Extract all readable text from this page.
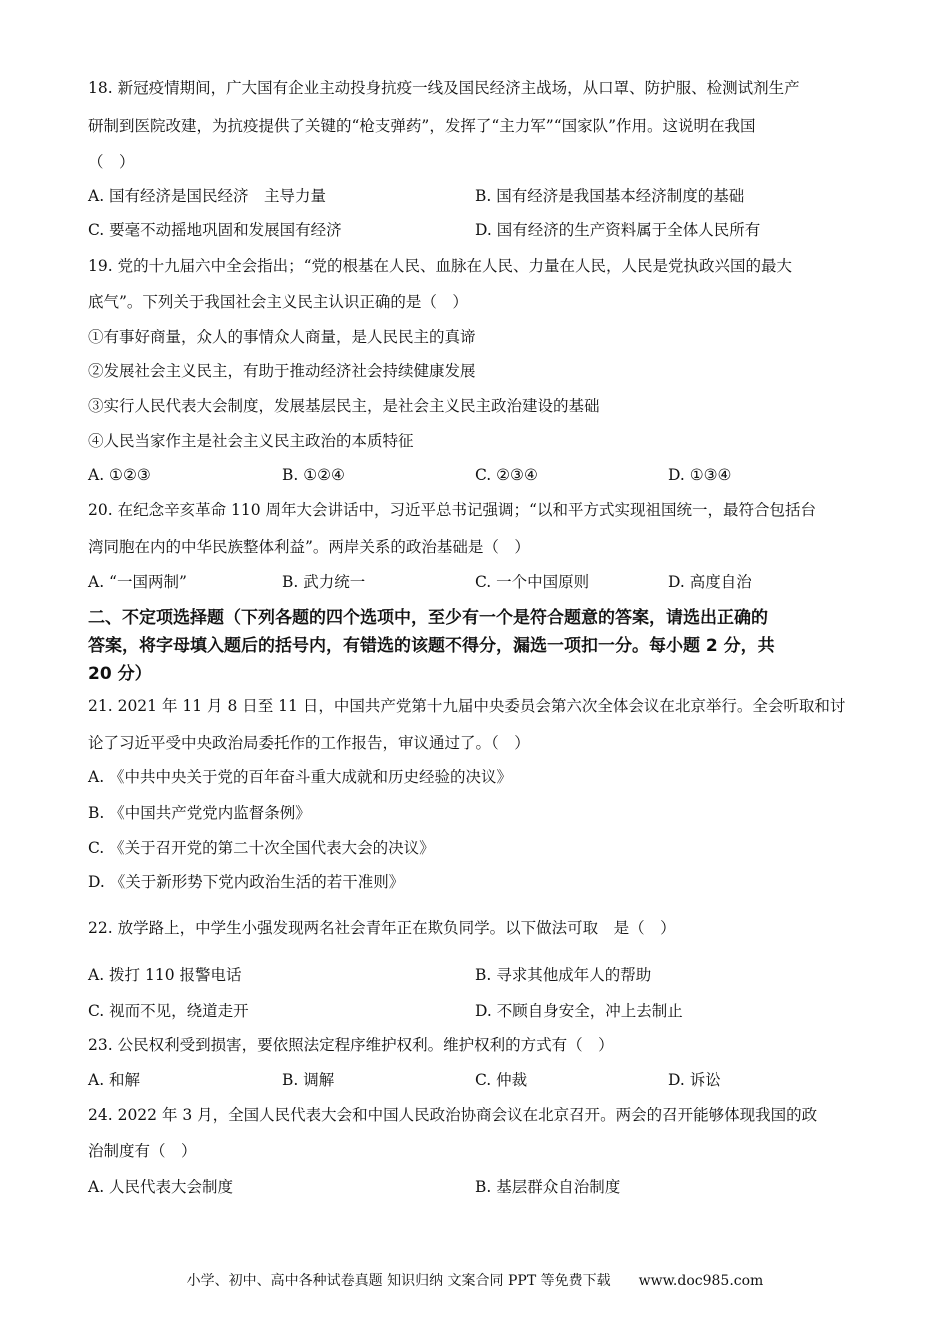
18. 新冠疫情期间，广大国有企业主动投身抗疫一线及国民经济主战场，从口罩、防护服、检测试剂生产
研制到医院改建，为抗疫提供了关键的“枪支弹药”，发挥了“主力军”“国家队”作用。这说明在我国
（　）
A. 国有经济是国民经济　主导力量	B. 国有经济是我国基本经济制度的基础
C. 要毫不动摇地巩固和发展国有经济	D. 国有经济的生产资料属于全体人民所有
19. 党的十九届六中全会指出；“党的根基在人民、血脉在人民、力量在人民，人民是党执政兴国的最大
底气”。下列关于我国社会主义民主认识正确的是（　）
①有事好商量，众人的事情众人商量，是人民民主的真谛
②发展社会主义民主，有助于推动经济社会持续健康发展
③实行人民代表大会制度，发展基层民主，是社会主义民主政治建设的基础
④人民当家作主是社会主义民主政治的本质特征
A. ①②③	B. ①②④	C. ②③④	D. ①③④
20. 在纪念辛亥革命 110 周年大会讲话中，习近平总书记强调；“以和平方式实现祖国统一，最符合包括台
湾同胞在内的中华民族整体利益”。两岸关系的政治基础是（　）
A. “一国两制”	B. 武力统一	C. 一个中国原则	D. 高度自治
二、不定项选择题（下列各题的四个选项中，至少有一个是符合题意的答案，请选出正确的
答案，将字母填入题后的括号内，有错选的该题不得分，漏选一项扣一分。每小题 2 分，共
20 分）
21. 2021 年 11 月 8 日至 11 日，中国共产党第十九届中央委员会第六次全体会议在北京举行。全会听取和讨
论了习近平受中央政治局委托作的工作报告，审议通过了。（　）
A. 《中共中央关于党的百年奋斗重大成就和历史经验的决议》
B. 《中国共产党党内监督条例》
C. 《关于召开党的第二十次全国代表大会的决议》
D. 《关于新形势下党内政治生活的若干准则》
22. 放学路上，中学生小强发现两名社会青年正在欺负同学。以下做法可取　是（　）
A. 拨打 110 报警电话	B. 寻求其他成年人的帮助
C. 视而不见，绕道走开	D. 不顾自身安全，冲上去制止
23. 公民权利受到损害，要依照法定程序维护权利。维护权利的方式有（　）
A. 和解	B. 调解	C. 仲裁	D. 诉讼
24. 2022 年 3 月，全国人民代表大会和中国人民政治协商会议在北京召开。两会的召开能够体现我国的政
治制度有（　）
A. 人民代表大会制度	B. 基层群众自治制度
小学、初中、高中各种试卷真题 知识归纳 文案合同 PPT 等免费下载　　www.doc985.com
